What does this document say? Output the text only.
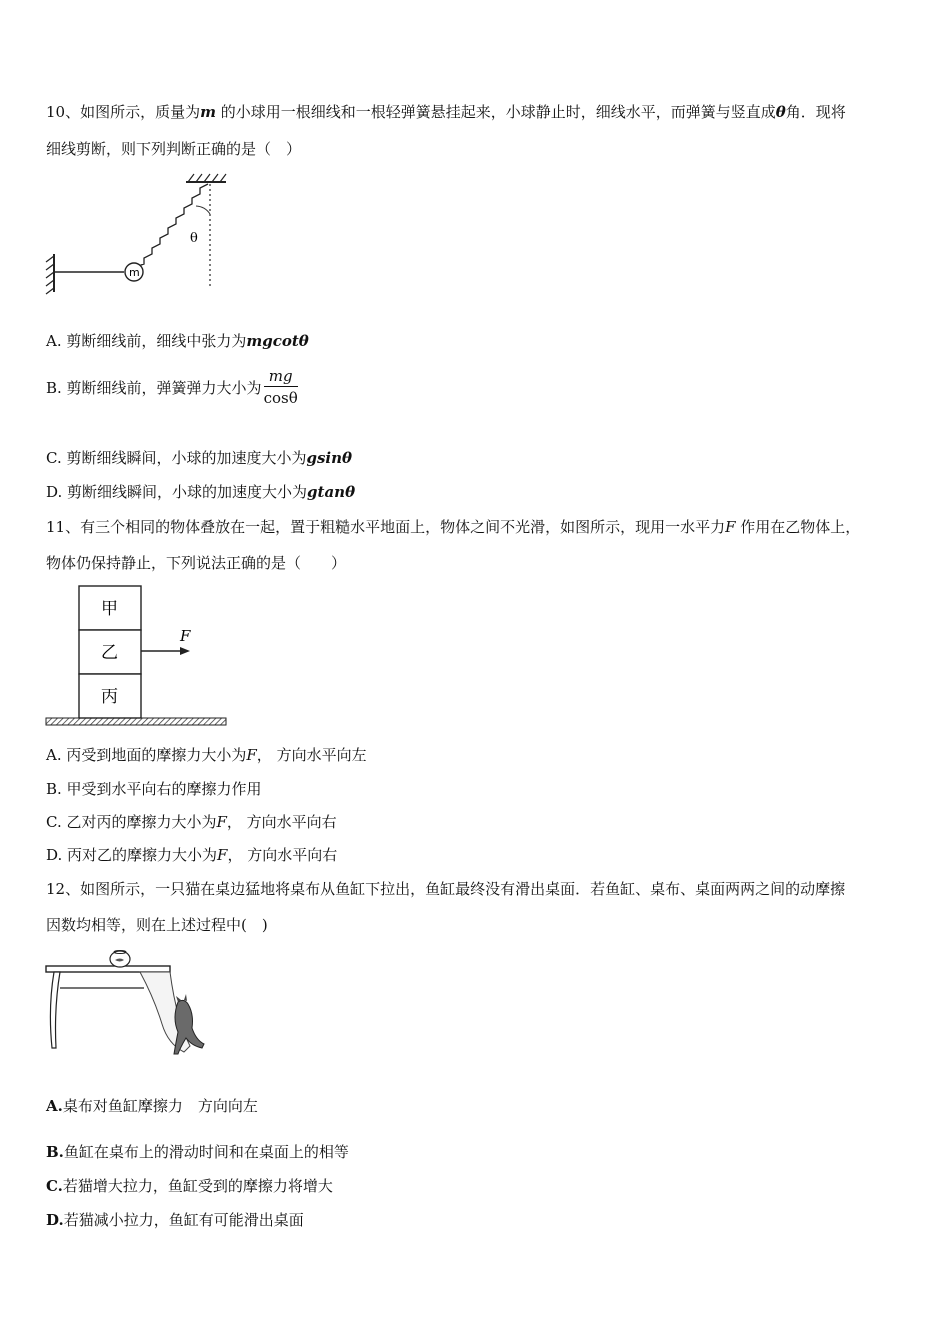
10、如图所示，质量为m 的小球用一根细线和一根轻弹簧悬挂起来，小球静止时，细线水平，而弹簧与竖直成θ角．现将
细线剪断，则下列判断正确的是（　）
θ
m
A. 剪断细线前，细线中张力为mgcotθ
B. 剪断细线前，弹簧弹力大小为 $\frac{mg}{\cos\theta}$
C. 剪断细线瞬间，小球的加速度大小为gsinθ
D. 剪断细线瞬间，小球的加速度大小为gtanθ
11、有三个相同的物体叠放在一起，置于粗糙水平地面上，物体之间不光滑，如图所示，现用一水平力F 作用在乙物体上，
物体仍保持静止，下列说法正确的是（　　）
甲
乙
丙
F
A. 丙受到地面的摩擦力大小为F， 方向水平向左
B. 甲受到水平向右的摩擦力作用
C. 乙对丙的摩擦力大小为F， 方向水平向右
D. 丙对乙的摩擦力大小为F， 方向水平向右
12、如图所示，一只猫在桌边猛地将桌布从鱼缸下拉出，鱼缸最终没有滑出桌面．若鱼缸、桌布、桌面两两之间的动摩擦
因数均相等，则在上述过程中(　)
A.桌布对鱼缸摩擦力　方向向左
B.鱼缸在桌布上的滑动时间和在桌面上的相等
C.若猫增大拉力，鱼缸受到的摩擦力将增大
D.若猫减小拉力，鱼缸有可能滑出桌面
